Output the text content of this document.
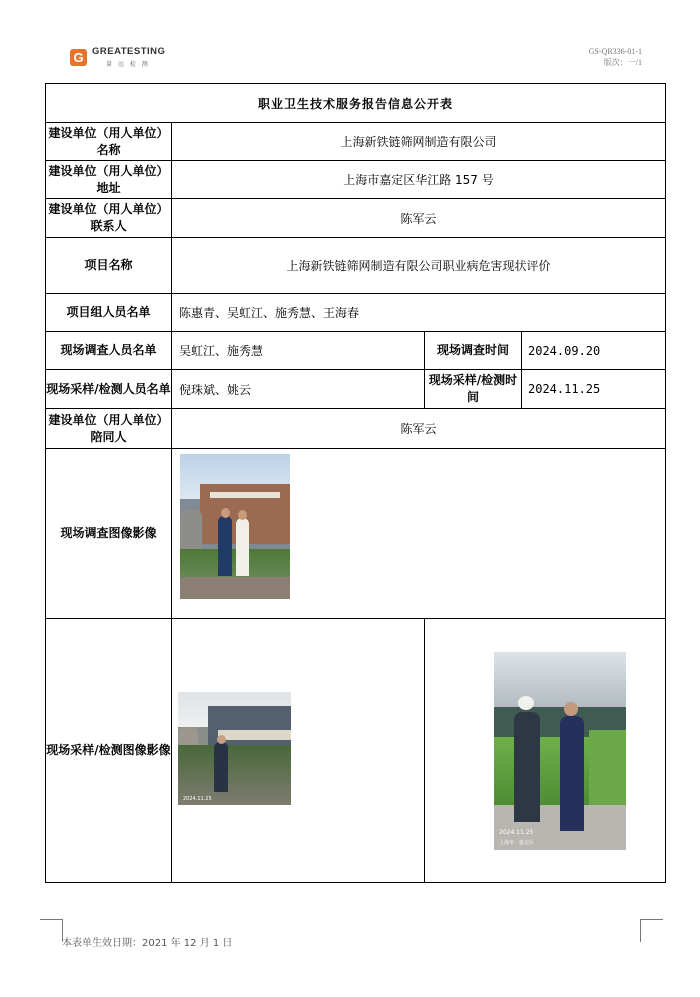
G GREATESTING
量 远 检 测
GS-QR336-01-1
版次：一/1
职业卫生技术服务报告信息公开表			
建设单位（用人单位）名称	上海新铁链筛网制造有限公司		
建设单位（用人单位）地址	上海市嘉定区华江路 157 号		
建设单位（用人单位）联系人	陈军云		
项目名称	上海新铁链筛网制造有限公司职业病危害现状评价		
项目组人员名单	陈惠青、吴虹江、施秀慧、王海春		
现场调查人员名单	吴虹江、施秀慧	现场调查时间	2024.09.20
现场采样/检测人员名单	倪珠斌、姚云	现场采样/检测时间	2024.11.25
建设单位（用人单位）陪同人	陈军云		
现场调查图像影像			

现场采样/检测图像影像	2024.11.25	2024.11.25
上海市 · 嘉定区	
本表单生效日期：2021 年 12 月 1 日
